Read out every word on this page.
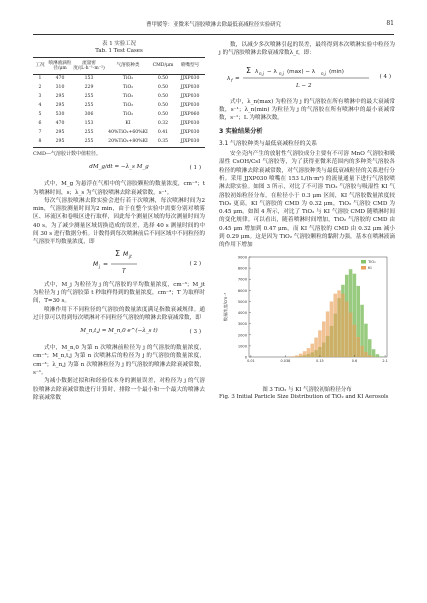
曹甲媛等：亚微米气溶胶喷淋去除最低衰减粒径实验研究	81
表 1 实验工况
Tab. 1 Test Cases
工况	喷淋液滴粒径/μm	流量密度/(L·h⁻¹·m⁻²)	气溶胶种类	CMD/μm	喷嘴型号
1	470	153	TiO₂	0.50	JJXP030
2	310	229	TiO₂	0.50	JJXP030
3	295	255	TiO₂	0.50	JJXP030
4	295	255	TiO₂	0.50	JJXP030
5	530	306	TiO₂	0.50	JJXP060
6	470	153	KI	0.32	JJXP030
7	295	255	40%TiO₂+60%KI	0.41	JJXP030
8	295	255	20%TiO₂+80%KI	0.35	JJXP030
CMD—气溶胶计数中值粒径。
dM_g/dt = −λ_s M_g	( 1 )

式中，M_g 为悬浮在气相中的气溶胶颗粒的数量浓度，cm⁻³；t 为喷淋时间，s；λ_s 为气溶胶喷淋去除衰减常数，s⁻¹。

每次气溶胶喷淋去除实验会进行若干次喷淋，每次喷淋时间为2 min，气溶胶测量时间为2 min，由于在整个实验中需要分别对喷雾区、环流区和卷吸区进行取样，因此每个测量区域的每次测量时间为40 s。为了减少测量区域切换造成的误差，选择 40 s 测量时间的中间 30 s 进行数据分析。计数得到每次喷淋前后不同区域中不同粒径的气溶胶平均数量浓度，即

M j =
Σ M jt
T
( 2 )

式中，M_j 为粒径为 j 的气溶胶的平均数量浓度，cm⁻³；M_jt 为粒径为 j 的气溶胶第 t 秒取样得到的数量浓度，cm⁻³；T 为取样时间，T=30 s。

喷淋作用下不同粒径的气溶胶的数量浓度满足指数衰减规律。通过计算可以得到每次喷淋对不同粒径气溶胶的喷淋去除衰减常数，即

M_n,t,j = M_n,0 e^(−λ_s t)	( 3 )

式中，M_n,0 为第 n 次喷淋前粒径为 j 的气溶胶的数量浓度，cm⁻³；M_n,t,j 为第 n 次喷淋后的粒径为 j 的气溶胶的数量浓度，cm⁻³；λ_n,j 为第 n 次喷淋粒径为 j 的气溶胶的喷淋去除衰减常数，s⁻¹。

为减小数据过拟和和经验仪本身的测量误差，对粒径为 j 的气溶胶喷淋去除衰减常数进行计算时，排除一个最小和一个最大的喷淋去除衰减常数

数，以减少多次喷淋引起的误差，最终得到本次喷淋实验中粒径为 j 的气溶胶喷淋去除衰减常数λ_f，即：

λ f =
Σ λ n,j − λ n,j (max) − λ n,j (min)
L − 2
( 4 )

式中，λ_n(max) 为粒径为 j 的气溶胶在所有喷淋中的最大衰减常数，s⁻¹；λ_n(min) 为粒径为 j 的气溶胶在所有喷淋中的最小衰减常数，s⁻¹；L 为喷淋次数。

3 实验结果分析
3.1 气溶胶种类与最低衰减粒径的关系

安全壳内产生的放射性气溶胶成分主要有不可溶 MnO 气溶胶和吸湿性 CsOH/CsI 气溶胶等，为了获得亚微米范围内的多种类气溶胶各粒径的喷淋去除衰减常数，对气溶胶种类与最低衰减粒径的关系进行分析。采用 JJXP030 喷嘴在 153 L/(h·m²) 的流量通量下进行气溶胶喷淋去除实验。如图 3 所示，对比了不可溶 TiO₂ 气溶胶与吸湿性 KI 气溶胶初始粒径分布，在粒径小于 0.3 μm 区间，KI 气溶胶数量浓度较 TiO₂ 更高。KI 气溶胶的 CMD 为 0.32 μm，TiO₂ 气溶胶 CMD 为 0.45 μm。如图 4 所示，对比了 TiO₂ 与 KI 气溶胶 CMD 随喷淋时间的变化规律。可以看出，随着喷淋时间增加，TiO₂ 气溶胶的 CMD 由 0.45 μm 增加到 0.47 μm，而 KI 气溶胶的 CMD 由 0.32 μm 减小到 0.29 μm。这是因为 TiO₂ 气溶胶颗粒的黏附力强，基本在喷淋液滴的作用下增加

0
1000
2000
3000
4000
5000
6000
7000
8000
9000
数量浓度/cm⁻³
0.01	0.038	0.15	0.6	2.1
TiO₂
KI
图 3 TiO₂ 与 KI 气溶胶初始粒径分布
Fig. 3 Initial Particle Size Distribution of TiO₂ and KI Aerosols
